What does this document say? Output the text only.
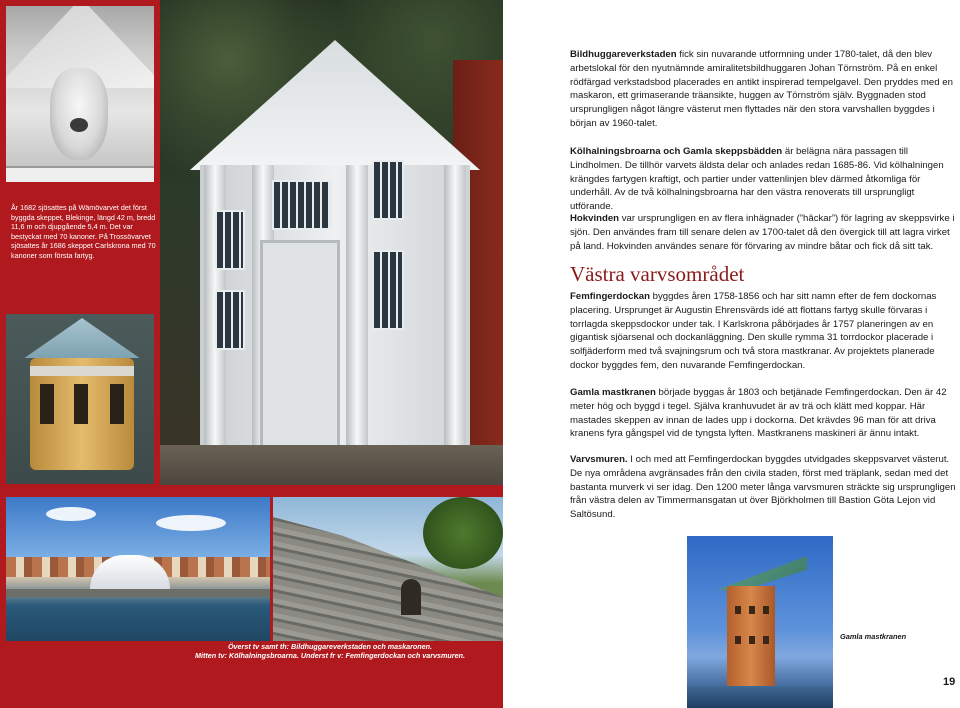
År 1682 sjösattes på Wämövarvet det först byggda skeppet, Blekinge, längd 42 m, bredd 11,6 m och djupgående 5,4 m. Det var bestyckat med 70 kanoner. På Trossövarvet sjösattes år 1686 skeppet Carlskrona med 70 kanoner som första fartyg.
Överst tv samt th: Bildhuggareverkstaden och maskaronen.
Mitten tv: Kölhalningsbroarna. Underst fr v: Femfingerdockan och varvsmuren.

Bildhuggareverkstaden fick sin nuvarande utformning under 1780-talet, då den blev arbetslokal för den nyutnämnde amiralitetsbildhuggaren Johan Törnström. På en enkel rödfärgad verkstadsbod placerades en antikt inspirerad tempelgavel. Den pryddes med en maskaron, ett grimaserande träansikte, huggen av Törnström själv. Byggnaden stod ursprungligen något längre västerut men flyttades när den stora varvshallen byggdes i början av 1960-talet.

Kölhalningsbroarna och Gamla skeppsbädden är belägna nära passagen till Lindholmen. De tillhör varvets äldsta delar och anlades redan 1685-86. Vid kölhalningen krängdes fartygen kraftigt, och partier under vattenlinjen blev därmed åtkomliga för underhåll. Av de två kölhalningsbroarna har den västra renoverats till ursprungligt utförande.

Hokvinden var ursprungligen en av flera inhägnader (”hâckar”) för lagring av skeppsvirke i sjön. Den användes fram till senare delen av 1700-talet då den övergick till att lagra virket på land. Hokvinden användes senare för förvaring av mindre båtar och fick då sitt tak.

Västra varvsområdet

Femfingerdockan byggdes åren 1758-1856 och har sitt namn efter de fem dockornas placering. Ursprunget är Augustin Ehrensvärds idé att flottans fartyg skulle förvaras i torrlagda skeppsdockor under tak. I Karlskrona påbörjades år 1757 planeringen av en gigantisk sjöarsenal och dockanläggning. Den skulle rymma 31 torrdockor placerade i solfjäderform med två svajningsrum och två stora mastkranar. Av projektets planerade dockor byggdes fem, den nuvarande Femfingerdockan.

Gamla mastkranen började byggas år 1803 och betjänade Femfingerdockan. Den är 42 meter hög och byggd i tegel. Själva kranhuvudet är av trä och klätt med koppar. Här mastades skeppen av innan de lades upp i dockorna. Det krävdes 96 man för att driva kranens fyra gångspel vid de tyngsta lyften. Mastkranens maskineri är ännu intakt.

Varvsmuren. I och med att Femfingerdockan byggdes utvidgades skeppsvarvet västerut. De nya områdena avgränsades från den civila staden, först med träplank, sedan med det bastanta murverk vi ser idag. Den 1200 meter långa varvsmuren sträckte sig ursprungligen från västra delen av Timmermansgatan ut över Björkholmen till Bastion Göta Lejon vid Saltösund.

Gamla mastkranen
19
